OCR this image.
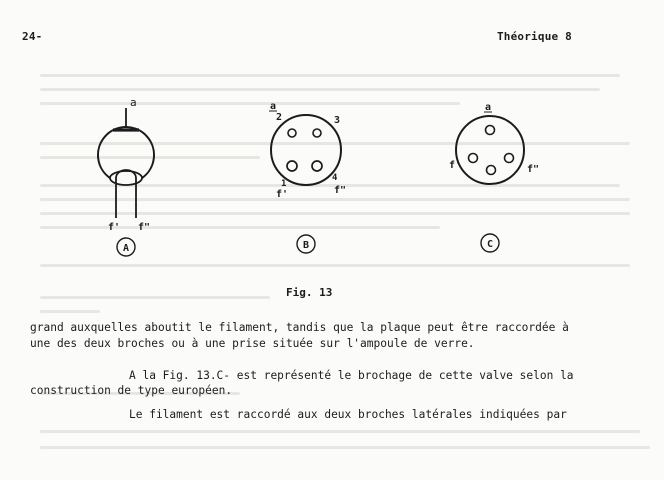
24-	Théorique 8
a
f' f"
A
a
2	3
1
4
f'	f"
B
a
f'	f"
C
Fig. 13
grand auxquelles aboutit le filament, tandis que la plaque peut être raccordée à
une des deux broches ou à une prise située sur l'ampoule de verre.
A la Fig. 13.C- est représenté le brochage de cette valve selon la
construction de type européen.
Le filament est raccordé aux deux broches latérales indiquées par
